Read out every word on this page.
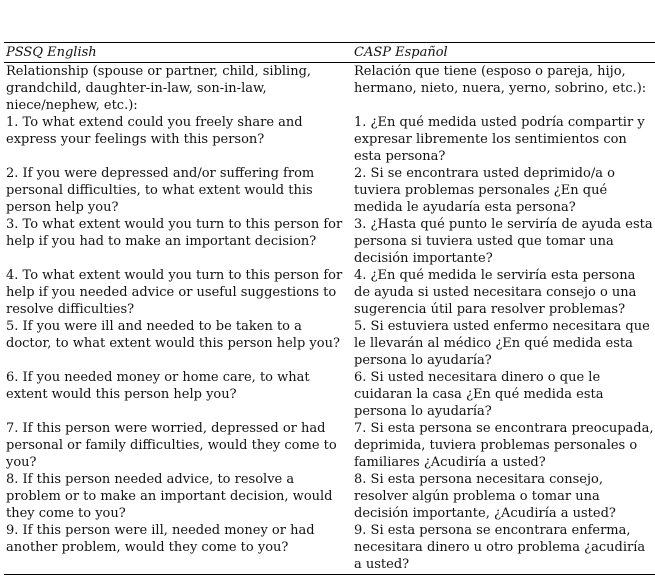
PSSQ English	CASP Español

Relationship (spouse or partner, child, sibling, grandchild, daughter-in-law, son-in-law, niece/nephew, etc.):	Relación que tiene (esposo o pareja, hijo, hermano, nieto, nuera, yerno, sobrino, etc.):

1. To what extend could you freely share and express your feelings with this person?	1. ¿En qué medida usted podría compartir y expresar libremente los sentimientos con esta persona?

2. If you were depressed and/or suffering from personal difficulties, to what extent would this person help you?	2. Si se encontrara usted deprimido/a o tuviera problemas personales ¿En qué medida le ayudaría esta persona?

3. To what extent would you turn to this person for help if you had to make an important decision?	3. ¿Hasta qué punto le serviría de ayuda esta persona si tuviera usted que tomar una decisión importante?

4. To what extent would you turn to this person for help if you needed advice or useful suggestions to resolve difficulties?	4. ¿En qué medida le serviría esta persona de ayuda si usted necesitara consejo o una sugerencia útil para resolver problemas?

5. If you were ill and needed to be taken to a doctor, to what extent would this person help you?	5. Si estuviera usted enfermo necesitara que le llevarán al médico ¿En qué medida esta persona lo ayudaría?

6. If you needed money or home care, to what extent would this person help you?	6. Si usted necesitara dinero o que le cuidaran la casa ¿En qué medida esta persona lo ayudaría?

7. If this person were worried, depressed or had personal or family difficulties, would they come to you?	7. Si esta persona se encontrara preocupada, deprimida, tuviera problemas personales o familiares ¿Acudiría a usted?

8. If this person needed advice, to resolve a problem or to make an important decision, would they come to you?	8. Si esta persona necesitara consejo, resolver algún problema o tomar una decisión importante, ¿Acudiría a usted?

9. If this person were ill, needed money or had another problem, would they come to you?	9. Si esta persona se encontrara enferma, necesitara dinero u otro problema ¿acudiría a usted?
